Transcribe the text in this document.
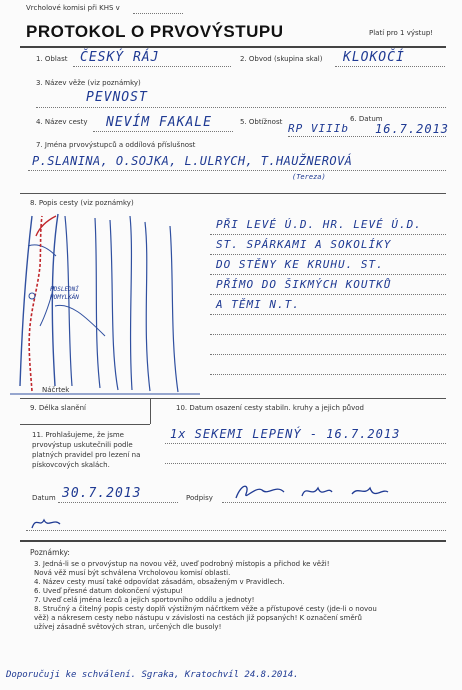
Vrcholové komisi při KHS v
PROTOKOL O PRVOVÝSTUPU	Platí pro 1 výstup!
1. Oblast ČESKÝ RÁJ	2. Obvod (skupina skal) KLOKOČÍ
3. Název věže (viz poznámky)
PEVNOST
4. Název cesty NEVÍM FAKALE	5. Obtížnost RP VIIIb
6. Datum
16.7.2013
7. Jména prvovýstupců a oddílová příslušnost
P.SLANINA, O.SOJKA, L.ULRYCH, T.HAUŽNEROVÁ
(Tereza)
8. Popis cesty (viz poznámky)
POSLEDNÍ
HOMYLKÁN
Náčrtek
PŘI LEVÉ Ú.D. HR. LEVÉ Ú.D.
ST. SPÁRKAMI A SOKOLÍKY
DO STĚNY KE KRUHU. ST.
PŘÍMO DO ŠIKMÝCH KOUTKŮ
A TĚMI N.T.
9. Délka slanění	10. Datum osazení cesty stabiln. kruhy a jejich původ
1x SEKEMI LEPENÝ - 16.7.2013
11. Prohlašujeme, že jsme prvovýstup uskutečnili podle platných pravidel pro lezení na pískovcových skalách.
Datum 30.7.2013	Podpisy
Poznámky:
3. Jedná-li se o prvovýstup na novou věž, uveď podrobný místopis a přichod ke věži!
Nová věž musí být schválena Vrcholovou komisí oblasti.
4. Název cesty musí také odpovídat zásadám, obsaženým v Pravidlech.
6. Uveď přesné datum dokončení výstupu!
7. Uveď celá jména lezců a jejich sportovního oddílu a jednoty!
8. Stručný a čitelný popis cesty doplň výstižným náčrtkem věže a přístupové cesty (jde-li o novou
věž) a nákresem cesty nebo nástupu v závislosti na cestách již popsaných! K označení směrů
užívej zásadně světových stran, určených dle busoly!
Doporučuji ke schválení. Sgraka, Kratochvíl 24.8.2014.
